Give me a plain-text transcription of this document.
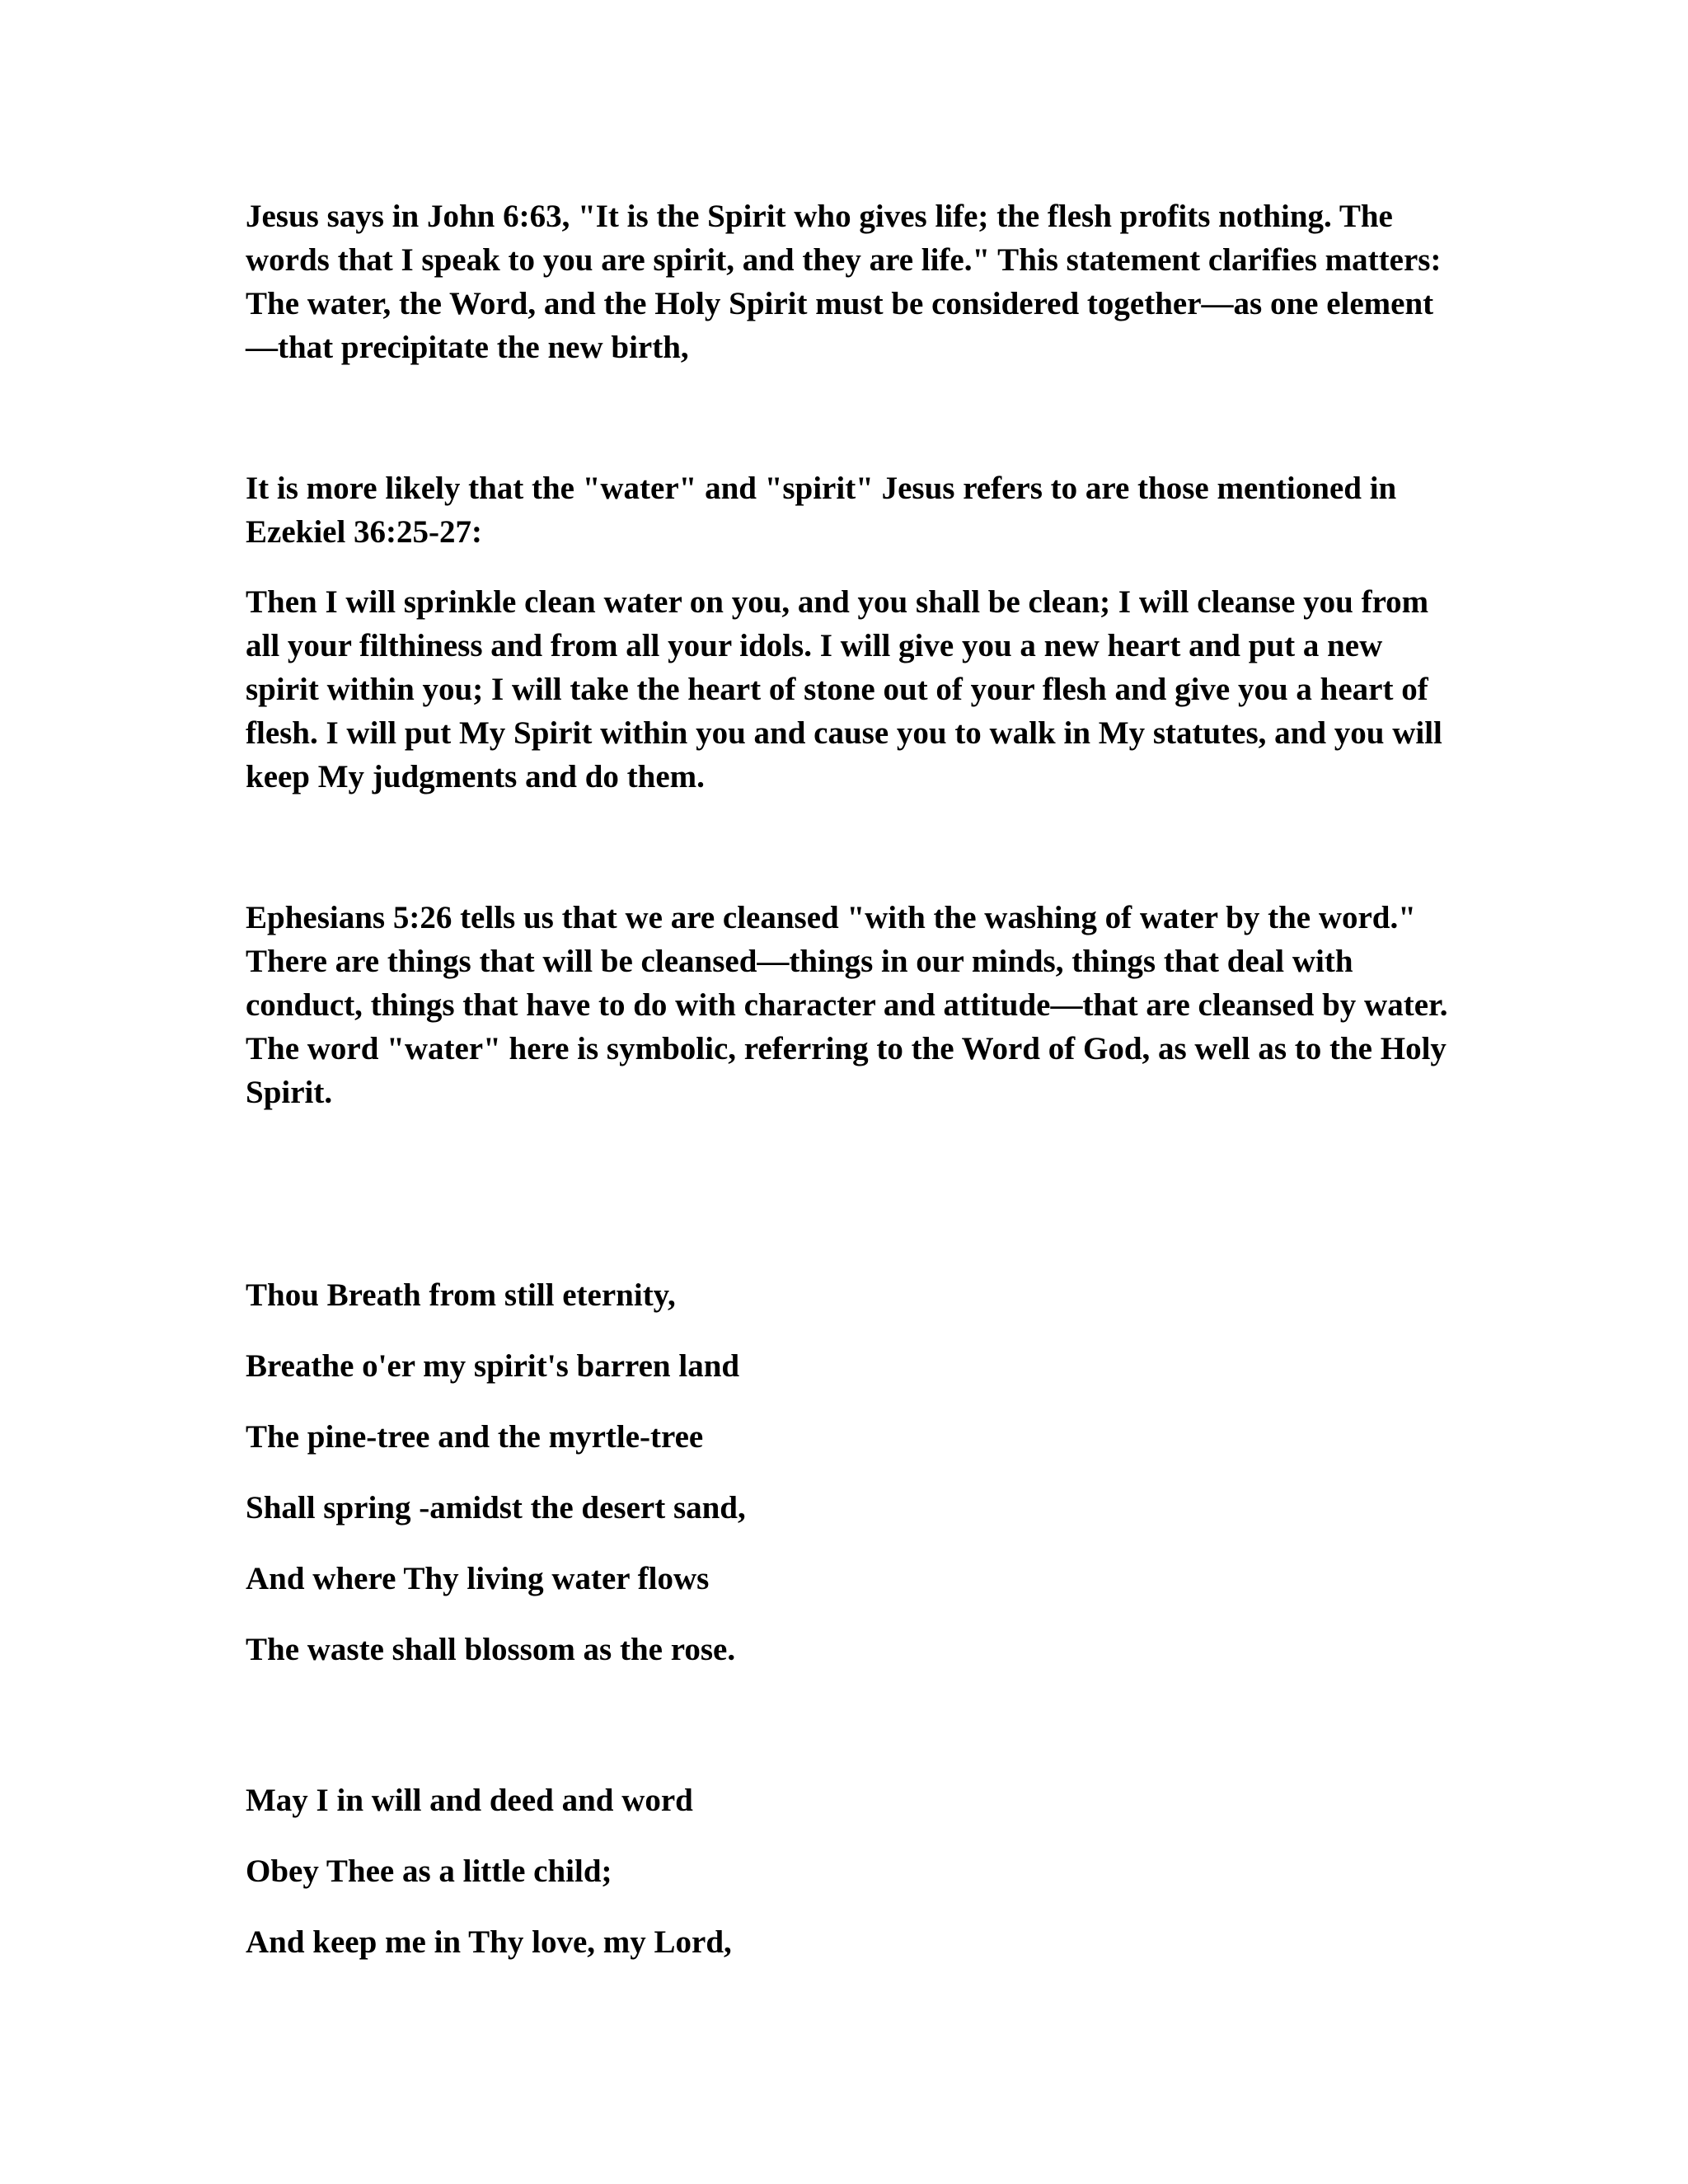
Jesus says in John 6:63, "It is the Spirit who gives life; the flesh profits nothing. The words that I speak to you are spirit, and they are life." This statement clarifies matters: The water, the Word, and the Holy Spirit must be considered together—as one element—that precipitate the new birth,

It is more likely that the "water" and "spirit" Jesus refers to are those mentioned in Ezekiel 36:25-27:

Then I will sprinkle clean water on you, and you shall be clean; I will cleanse you from all your filthiness and from all your idols. I will give you a new heart and put a new spirit within you; I will take the heart of stone out of your flesh and give you a heart of flesh. I will put My Spirit within you and cause you to walk in My statutes, and you will keep My judgments and do them.

Ephesians 5:26 tells us that we are cleansed "with the washing of water by the word." There are things that will be cleansed—things in our minds, things that deal with conduct, things that have to do with character and attitude—that are cleansed by water. The word "water" here is symbolic, referring to the Word of God, as well as to the Holy Spirit.

Thou Breath from still eternity,

Breathe o'er my spirit's barren land

The pine-tree and the myrtle-tree

Shall spring -amidst the desert sand,

And where Thy living water flows

The waste shall blossom as the rose.

May I in will and deed and word

Obey Thee as a little child;

And keep me in Thy love, my Lord,
